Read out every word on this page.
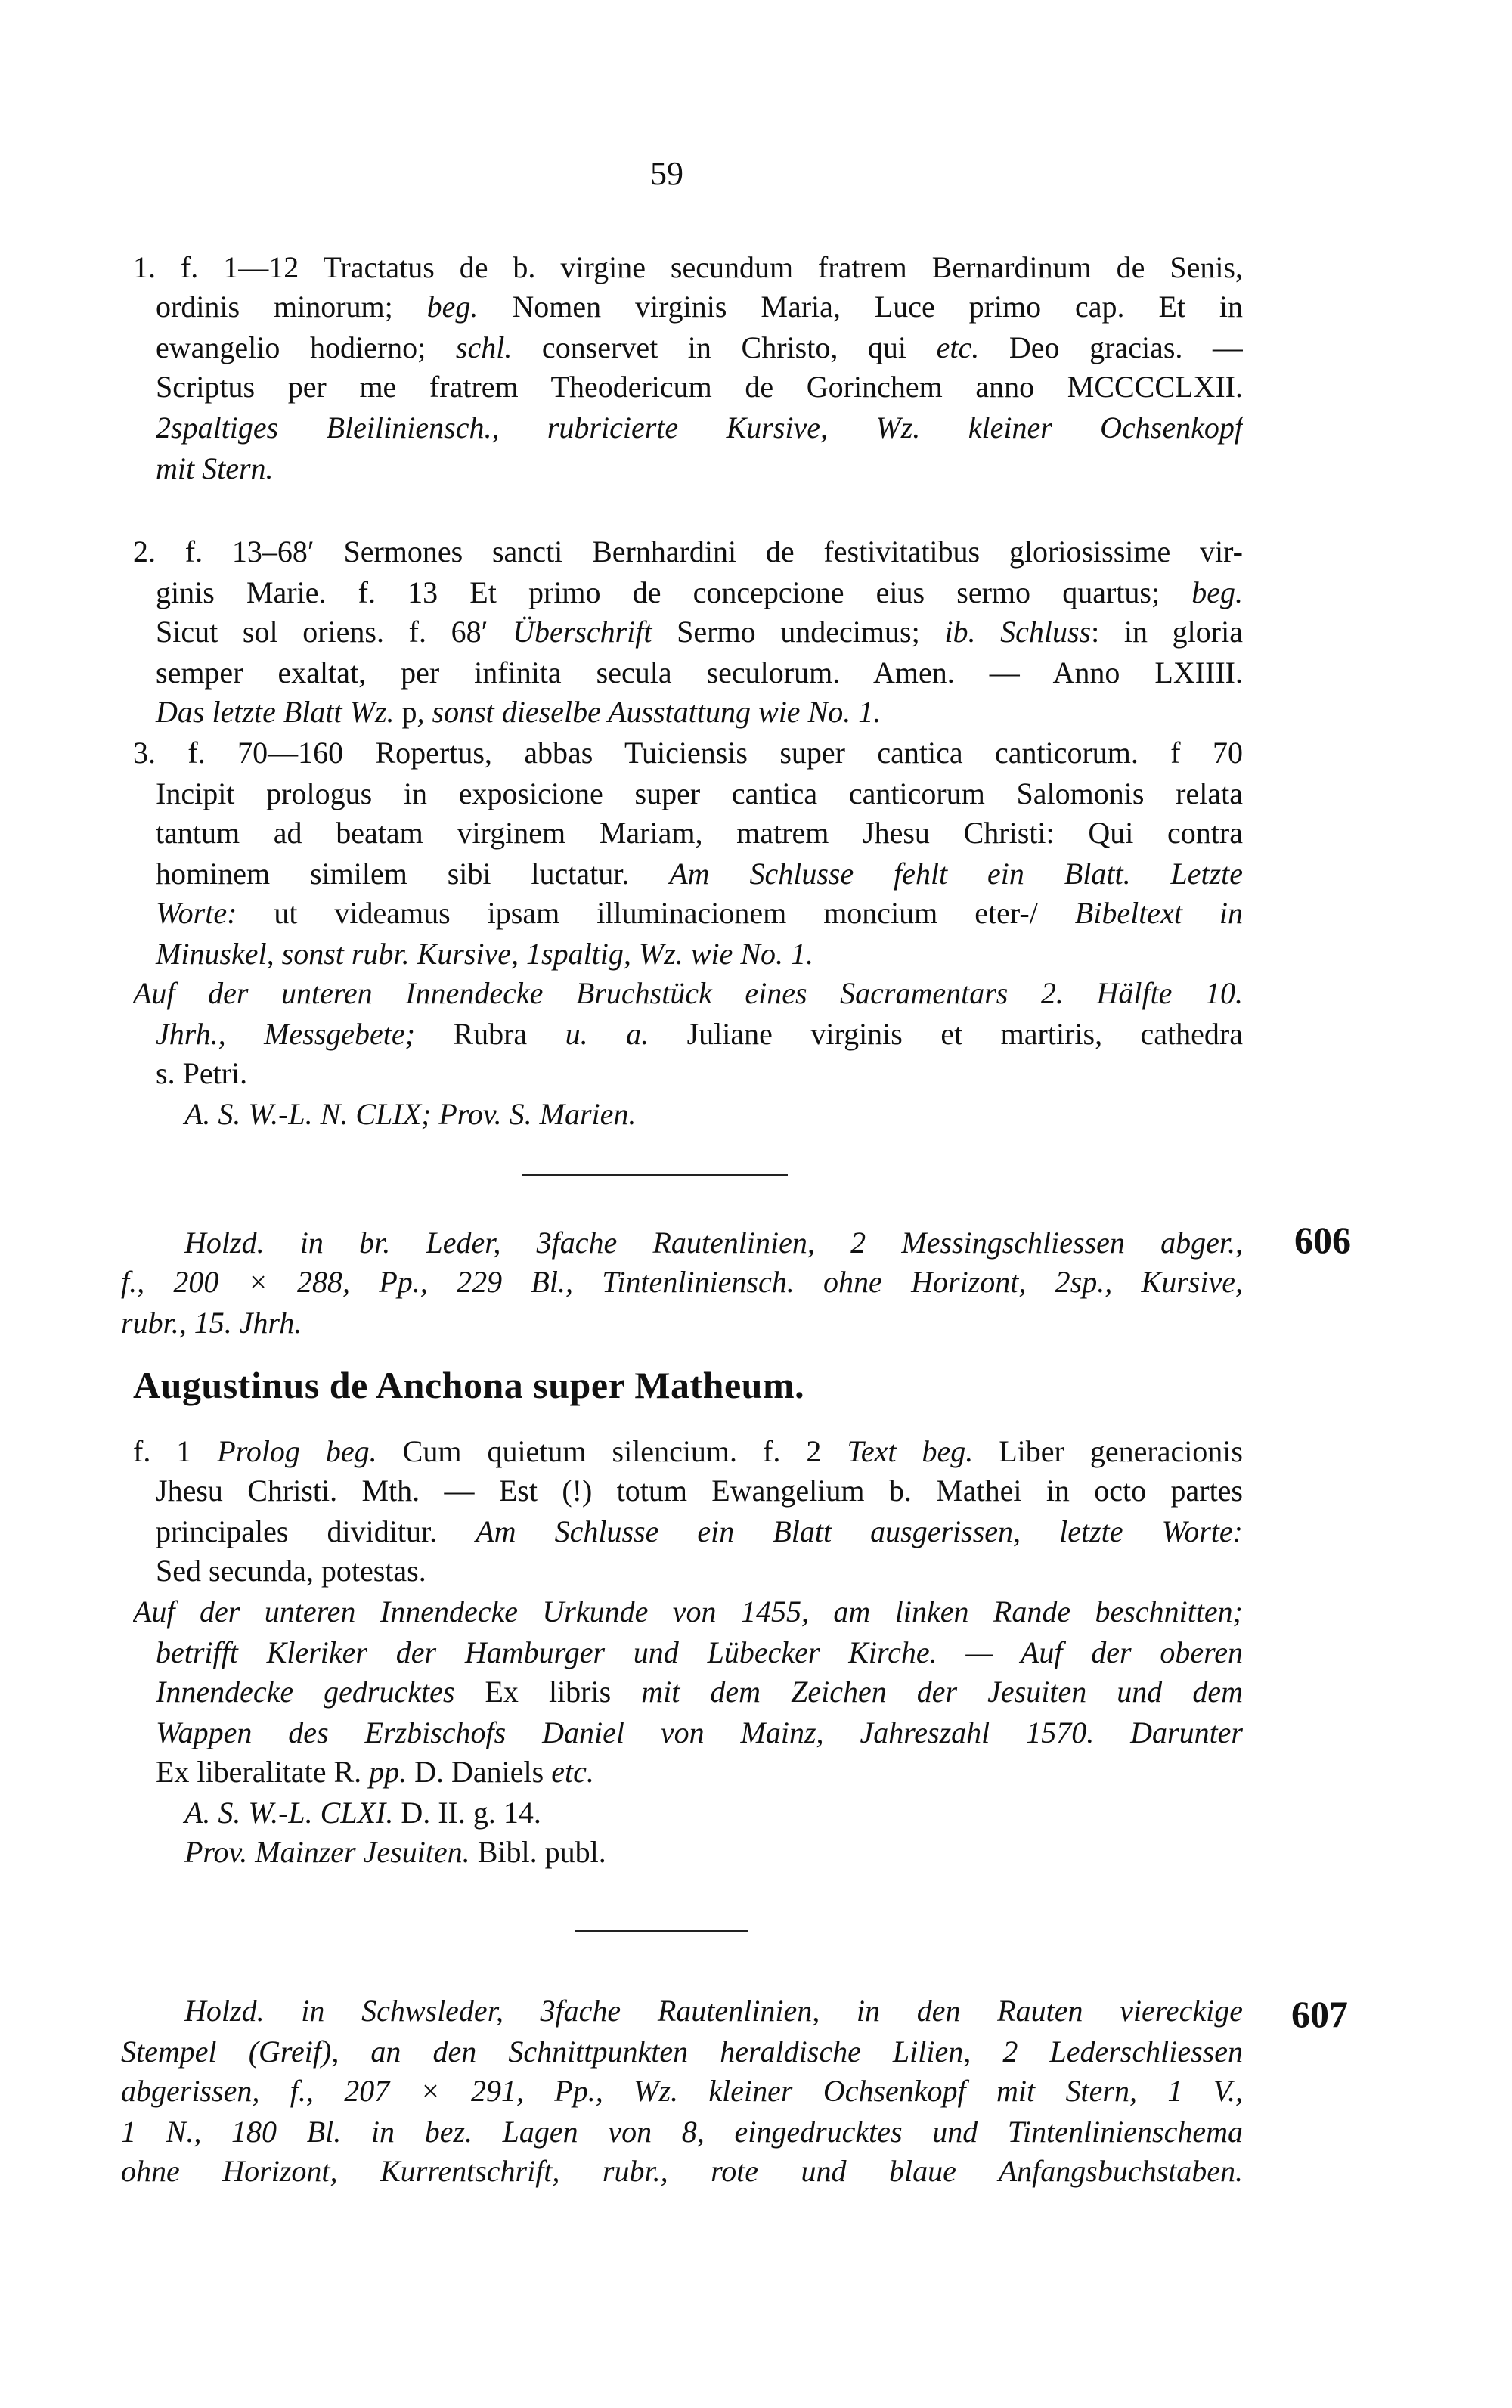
59
606
Augustinus de Anchona super Matheum.
607
1. f. 1—12 Tractatus de b. virgine secundum fratrem Bernardinum de Senis,
ordinis minorum; beg. Nomen virginis Maria, Luce primo cap. Et in
ewangelio hodierno; schl. conservet in Christo, qui etc. Deo gracias. —
Scriptus per me fratrem Theodericum de Gorinchem anno MCCCCLXII.
2spaltiges Bleiliniensch., rubricierte Kursive, Wz. kleiner Ochsenkopf
mit Stern.
2. f. 13–68′ Sermones sancti Bernhardini de festivitatibus gloriosissime vir-
ginis Marie. f. 13 Et primo de concepcione eius sermo quartus; beg.
Sicut sol oriens. f. 68′ Überschrift Sermo undecimus; ib. Schluss: in gloria
semper exaltat, per infinita secula seculorum. Amen. — Anno LXIIII.
Das letzte Blatt Wz. p, sonst dieselbe Ausstattung wie No. 1.
3. f. 70—160 Ropertus, abbas Tuiciensis super cantica canticorum. f 70
Incipit prologus in exposicione super cantica canticorum Salomonis relata
tantum ad beatam virginem Mariam, matrem Jhesu Christi: Qui contra
hominem similem sibi luctatur. Am Schlusse fehlt ein Blatt. Letzte
Worte: ut videamus ipsam illuminacionem moncium eter-/ Bibeltext in
Minuskel, sonst rubr. Kursive, 1spaltig, Wz. wie No. 1.
Auf der unteren Innendecke Bruchstück eines Sacramentars 2. Hälfte 10.
Jhrh., Messgebete; Rubra u. a. Juliane virginis et martiris, cathedra
s. Petri.
A. S. W.-L. N. CLIX; Prov. S. Marien.
Holzd. in br. Leder, 3fache Rautenlinien, 2 Messingschliessen abger.,
f., 200 × 288, Pp., 229 Bl., Tintenliniensch. ohne Horizont, 2sp., Kursive,
rubr., 15. Jhrh.
f. 1 Prolog beg. Cum quietum silencium. f. 2 Text beg. Liber generacionis
Jhesu Christi. Mth. — Est (!) totum Ewangelium b. Mathei in octo partes
principales dividitur. Am Schlusse ein Blatt ausgerissen, letzte Worte:
Sed secunda, potestas.
Auf der unteren Innendecke Urkunde von 1455, am linken Rande beschnitten;
betrifft Kleriker der Hamburger und Lübecker Kirche. — Auf der oberen
Innendecke gedrucktes Ex libris mit dem Zeichen der Jesuiten und dem
Wappen des Erzbischofs Daniel von Mainz, Jahreszahl 1570. Darunter
Ex liberalitate R. pp. D. Daniels etc.
A. S. W.-L. CLXI. D. II. g. 14.
Prov. Mainzer Jesuiten. Bibl. publ.
Holzd. in Schwsleder, 3fache Rautenlinien, in den Rauten viereckige
Stempel (Greif), an den Schnittpunkten heraldische Lilien, 2 Lederschliessen
abgerissen, f., 207 × 291, Pp., Wz. kleiner Ochsenkopf mit Stern, 1 V.,
1 N., 180 Bl. in bez. Lagen von 8, eingedrucktes und Tintenlinienschema
ohne Horizont, Kurrentschrift, rubr., rote und blaue Anfangsbuchstaben.
